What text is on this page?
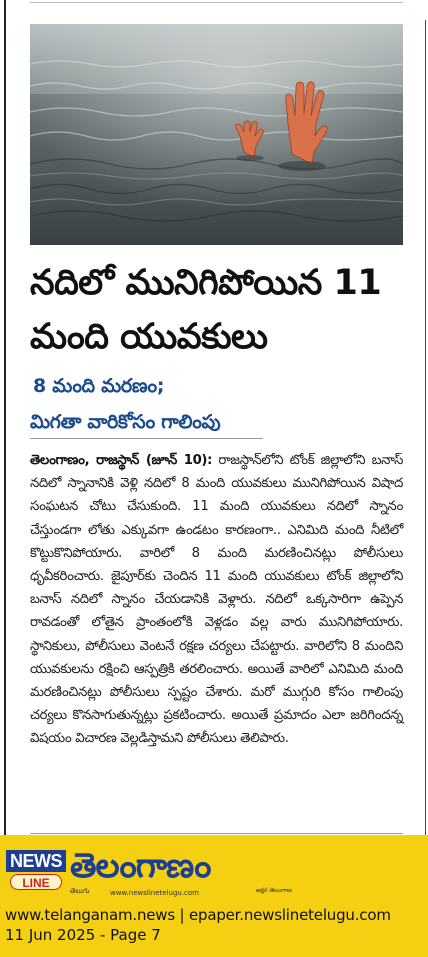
నదిలో మునిగిపోయిన 11 మంది యువకులు
8 మంది మరణం;
మిగతా వారికోసం గాలింపు

తెలంగాణం, రాజస్థాన్ (జూన్ 10): రాజస్థాన్‌లోని టోంక్ జిల్లాలోని బనాస్ నదిలో స్నానానికి వెళ్లి నదిలో 8 మంది యువకులు మునిగిపోయిన విషాద సంఘటన చోటు చేసుకుంది. 11 మంది యువకులు నదిలో స్నానం చేస్తుండగా లోతు ఎక్కువగా ఉండటం కారణంగా.. ఎనిమిది మంది నీటిలో కొట్టుకొనిపోయారు. వారిలో 8 మంది మరణించినట్లు పోలీసులు ధృవీకరించారు. జైపూర్‌కు చెందిన 11 మంది యువకులు టోంక్ జిల్లాలోని బనాస్ నదిలో స్నానం చేయడానికి వెళ్లారు. నదిలో ఒక్కసారిగా ఉప్పెన రావడంతో లోతైన ప్రాంతంలోకి వెళ్లడం వల్ల వారు మునిగిపోయారు. స్థానికులు, పోలీసులు వెంటనే రక్షణ చర్యలు చేపట్టారు. వారిలోని 8 మందిని యువకులను రక్షించి ఆస్పత్రికి తరలించారు. అయితే వారిలో ఎనిమిది మంది మరణించినట్లు పోలీసులు స్పష్టం చేశారు. మరో ముగ్గురి కోసం గాలింపు చర్యలు కొనసాగుతున్నట్లు ప్రకటించారు. అయితే ప్రమాదం ఎలా జరిగిందన్న విషయం విచారణ వెల్లడిస్తామని పోలీసులు తెలిపారు.

NEWS
LINE తెలంగాణం
తెలుగు	www.newslinetelugu.com	అక్షర తెలంగాణ
www.telanganam.news | epaper.newslinetelugu.com
11 Jun 2025 - Page 7
